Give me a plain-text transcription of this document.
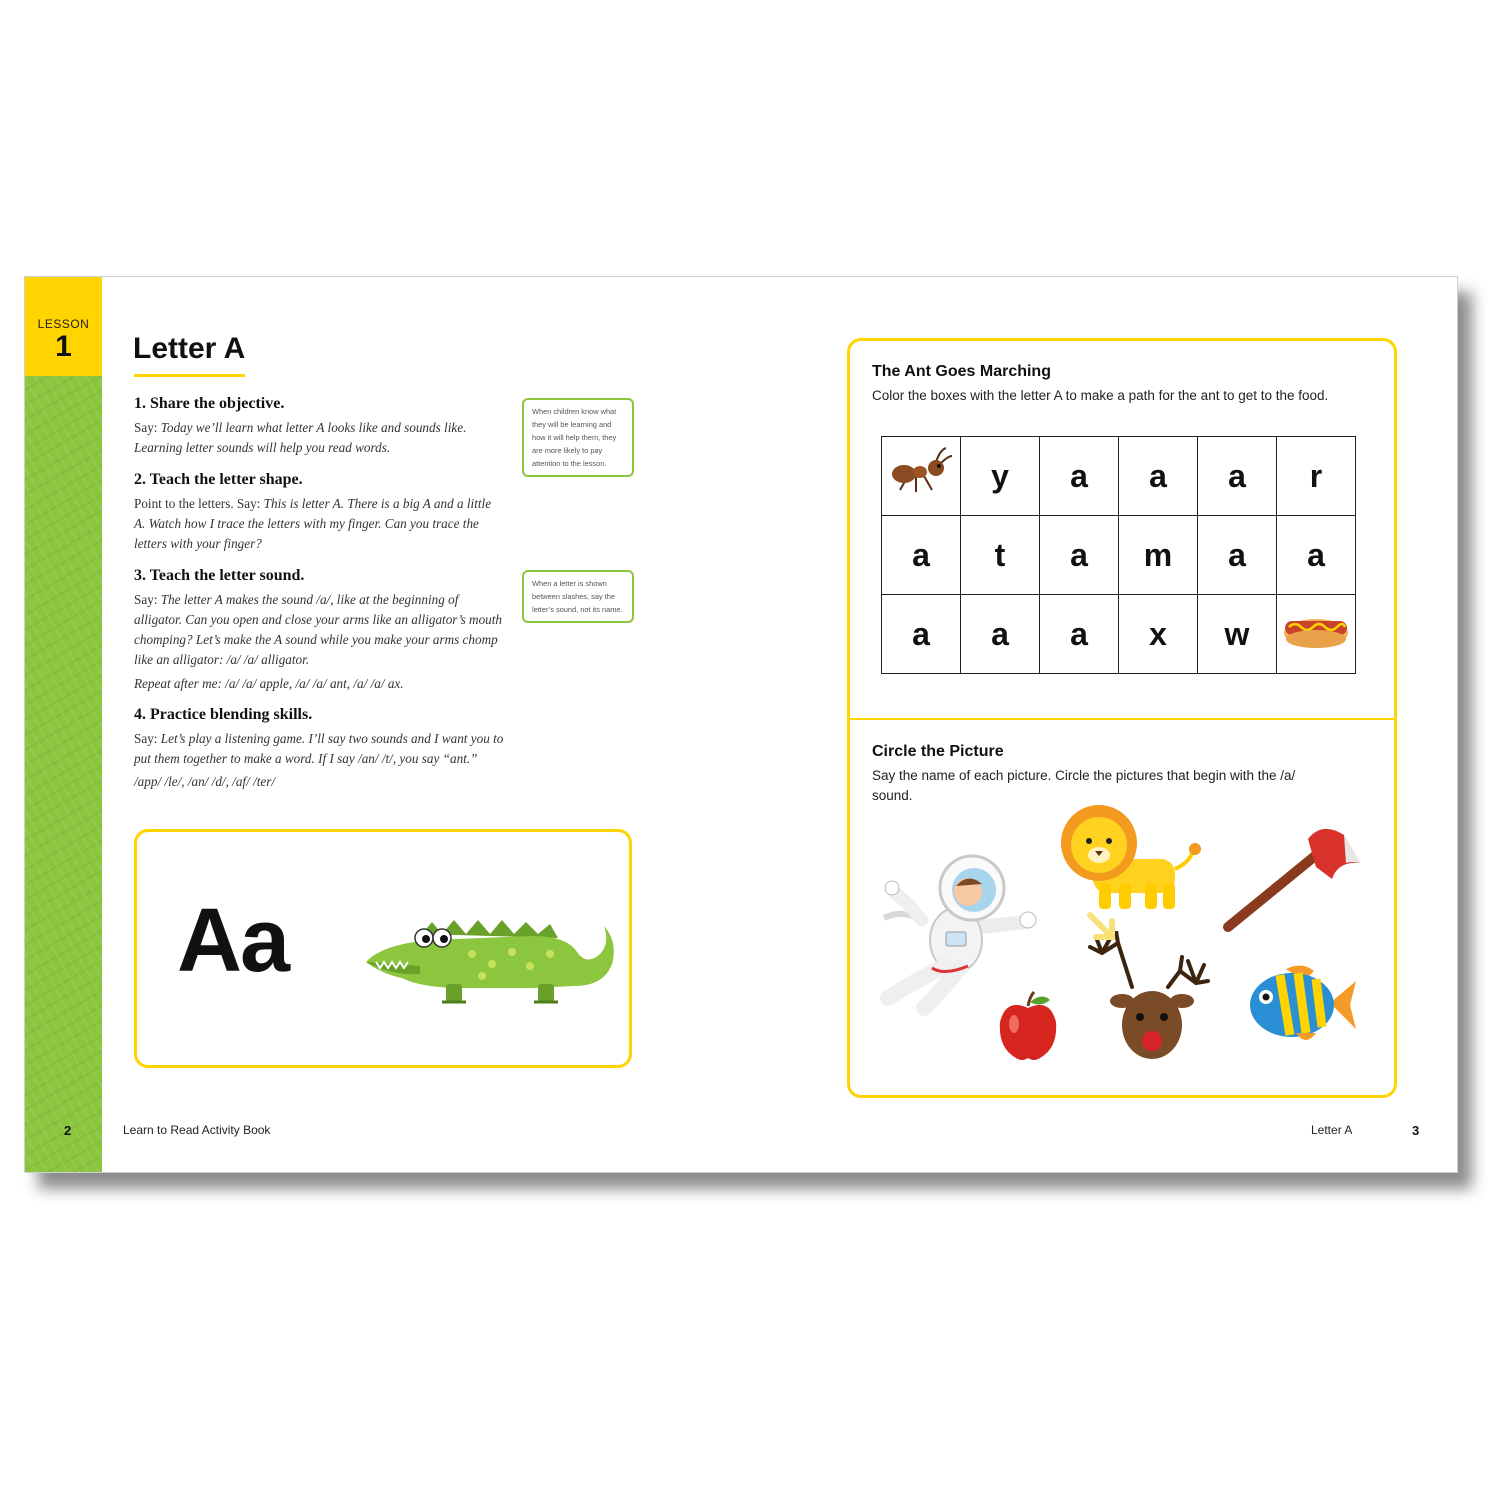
LESSON
1	Letter A
1. Share the objective.

Say: Today we’ll learn what letter A looks like and sounds like. Learning letter sounds will help you read words.

2. Teach the letter shape.

Point to the letters. Say: This is letter A. There is a big A and a little A. Watch how I trace the letters with my finger. Can you trace the letters with your finger?

3. Teach the letter sound.

Say: The letter A makes the sound /a/, like at the beginning of alligator. Can you open and close your arms like an alligator’s mouth chomping? Let’s make the A sound while you make your arms chomp like an alligator: /a/ /a/ alligator.

Repeat after me: /a/ /a/ apple, /a/ /a/ ant, /a/ /a/ ax.

4. Practice blending skills.

Say: Let’s play a listening game. I’ll say two sounds and I want you to put them together to make a word. If I say /an/ /t/, you say “ant.”

/app/ /le/, /an/ /d/, /af/ /ter/

When children know what they will be learning and how it will help them, they are more likely to pay attention to the lesson.
When a letter is shown between slashes, say the letter’s sound, not its name.
Aa
2	Learn to Read Activity Book
The Ant Goes Marching

Color the boxes with the letter A to make a path for the ant to get to the food.

	y	a	a	a	r
a	t	a	m	a	a
a	a	a	x	w	
Circle the Picture

Say the name of each picture. Circle the pictures that begin with the /a/ sound.

Letter A	3
